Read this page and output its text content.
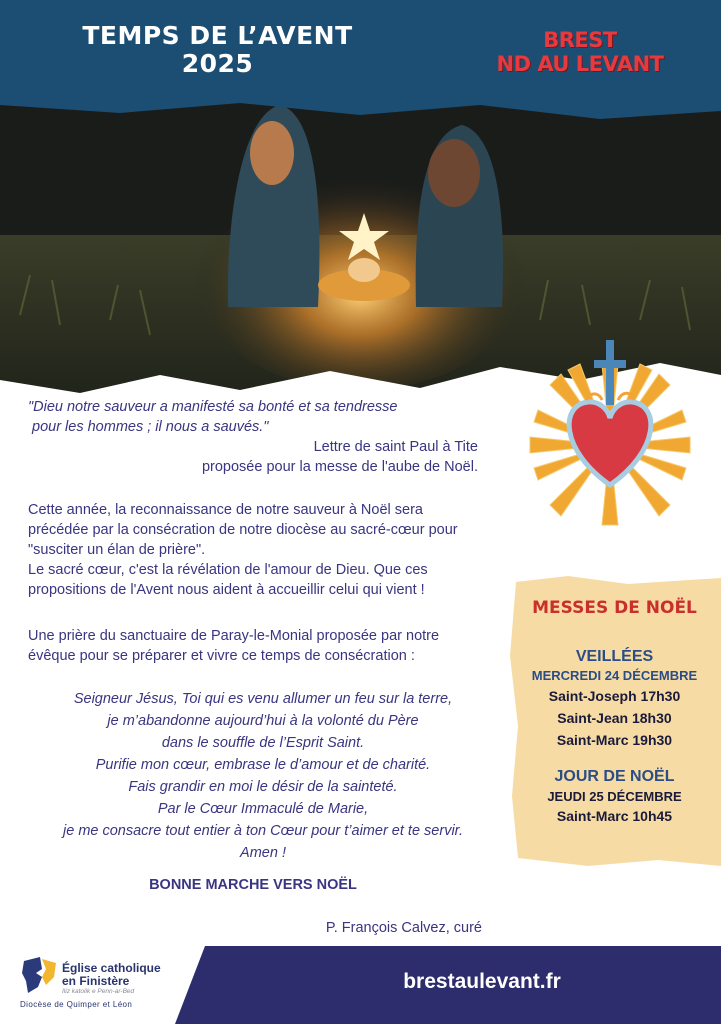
TEMPS DE L’AVENT
2025
BREST
ND AU LEVANT

"Dieu notre sauveur a manifesté sa bonté et sa tendresse

pour les hommes ; il nous a sauvés."

Lettre de saint Paul à Tite

proposée pour la messe de l'aube de Noël.

Cette année, la reconnaissance de notre sauveur à Noël sera

précédée par la consécration de notre diocèse au sacré-cœur pour

"susciter un élan de prière".

Le sacré cœur, c'est la révélation de l'amour de Dieu. Que ces

propositions de l'Avent nous aident à accueillir celui qui vient !

Une prière du sanctuaire de Paray-le-Monial proposée par notre

évêque pour se préparer et vivre ce temps de consécration :

Seigneur Jésus, Toi qui es venu allumer un feu sur la terre,

je m’abandonne aujourd’hui à la volonté du Père

dans le souffle de l’Esprit Saint.

Purifie mon cœur, embrase le d’amour et de charité.

Fais grandir en moi le désir de la sainteté.

Par le Cœur Immaculé de Marie,

je me consacre tout entier à ton Cœur pour t’aimer et te servir.

Amen !

BONNE MARCHE VERS NOËL
P. François Calvez, curé
MESSES DE NOËL
VEILLÉES
MERCREDI 24 DÉCEMBRE
Saint-Joseph 17h30
Saint-Jean 18h30
Saint-Marc 19h30
JOUR DE NOËL
JEUDI 25 DÉCEMBRE
Saint-Marc 10h45
brestaulevant.fr
Église catholique
en Finistère
Iliz katolik e Penn-ar-Bed
Diocèse de Quimper et Léon
